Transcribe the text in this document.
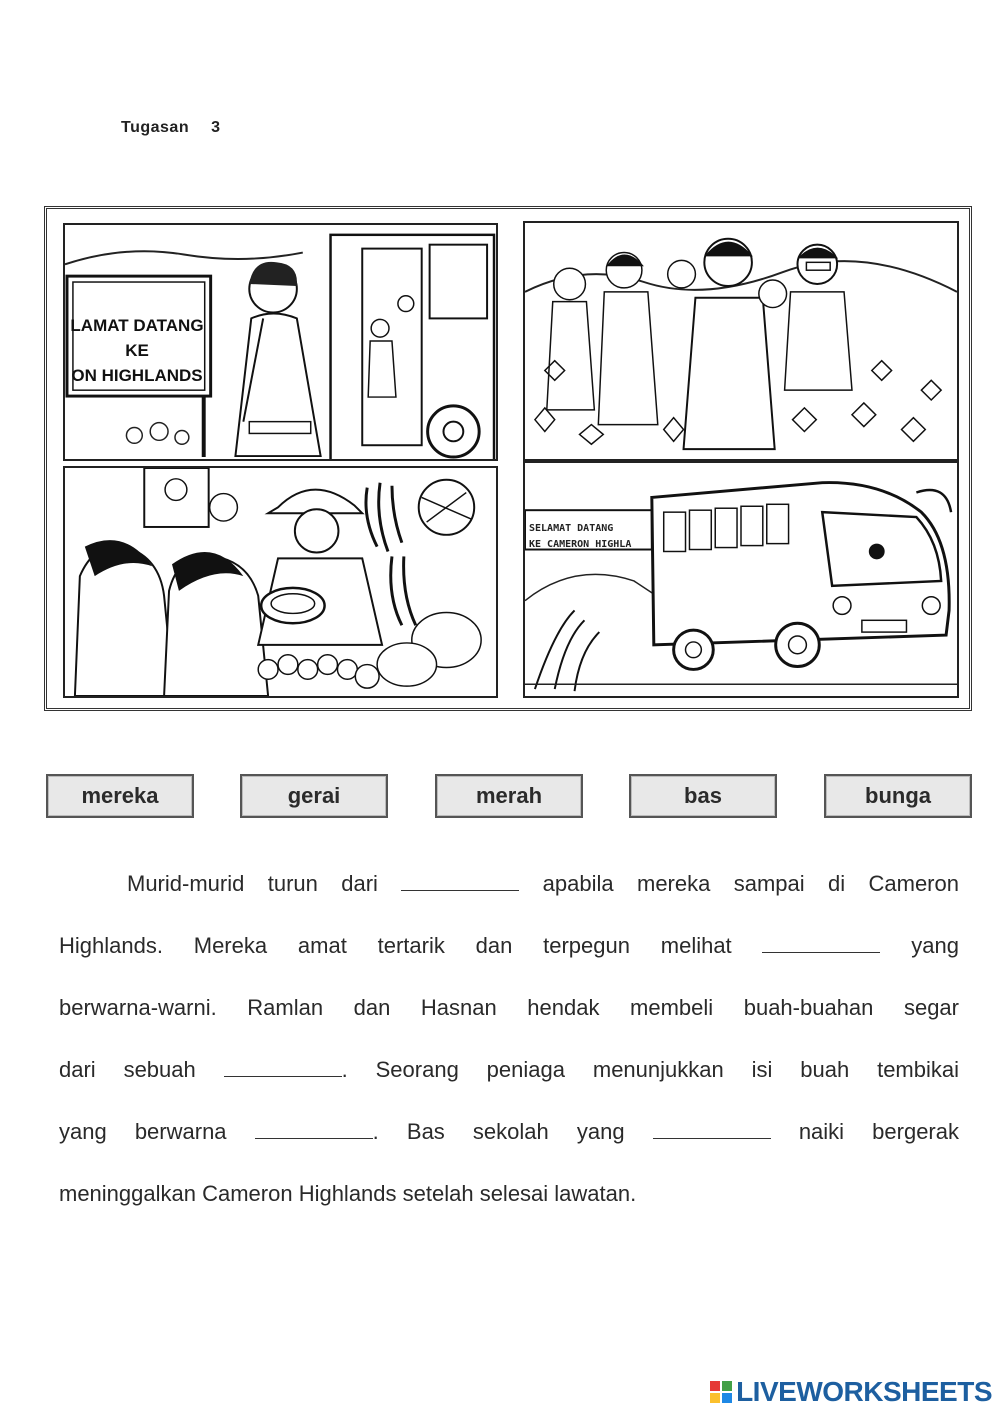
Tugasan 3
LAMAT DATANG
KE
ON HIGHLANDS
SELAMAT DATANG
KE CAMERON HIGHLA
mereka	gerai	merah	bas	bunga
Murid-murid turun dari	apabila mereka sampai di Cameron
Highlands. Mereka amat tertarik dan terpegun melihat	yang
berwarna-warni. Ramlan dan Hasnan hendak membeli buah-buahan segar
dari sebuah	. Seorang peniaga menunjukkan isi buah tembikai
yang berwarna	. Bas sekolah yang	naiki bergerak
meninggalkan Cameron Highlands setelah selesai lawatan.
LIVEWORKSHEETS
